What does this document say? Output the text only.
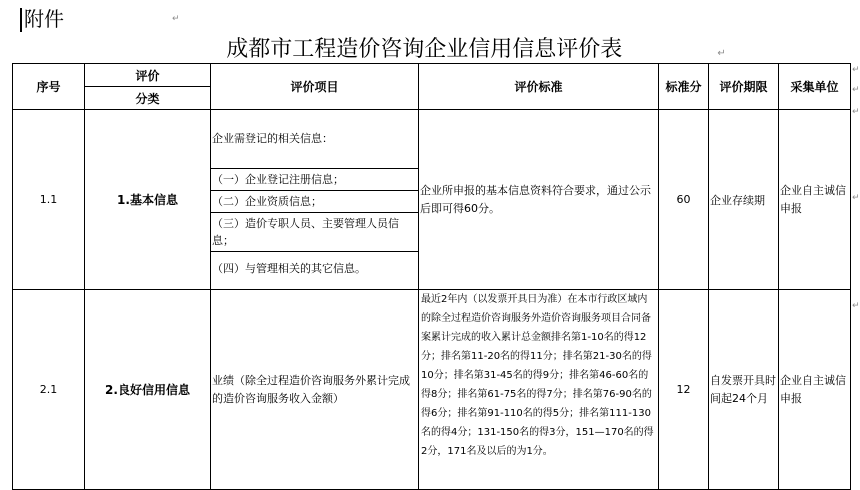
附件	↵
成都市工程造价咨询企业信用信息评价表	↵
序号	评价	评价项目	评价标准	标准分	评价期限	采集单位
	分类					
1.1	1.基本信息	企业需登记的相关信息：
（一）企业登记注册信息；
（二）企业资质信息；
（三）造价专职人员、主要管理人员信息；
（四）与管理相关的其它信息。	企业所申报的基本信息资料符合要求，通过公示后即可得60分。	60	企业存续期	企业自主诚信申报
2.1	2.良好信用信息	业绩（除全过程造价咨询服务外累计完成的造价咨询服务收入金额）	最近2年内（以发票开具日为准）在本市行政区域内的除全过程造价咨询服务外造价咨询服务项目合同备案累计完成的收入累计总金额排名第1-10名的得12分；排名第11-20名的得11分；排名第21-30名的得10分；排名第31-45名的得9分；排名第46-60名的得8分；排名第61-75名的得7分；排名第76-90名的得6分；排名第91-110名的得5分；排名第111-130名的得4分；131-150名的得3分，151—170名的得2分，171名及以后的为1分。	12	自发票开具时间起24个月	企业自主诚信申报
↵
↵
↵
↵
↵
